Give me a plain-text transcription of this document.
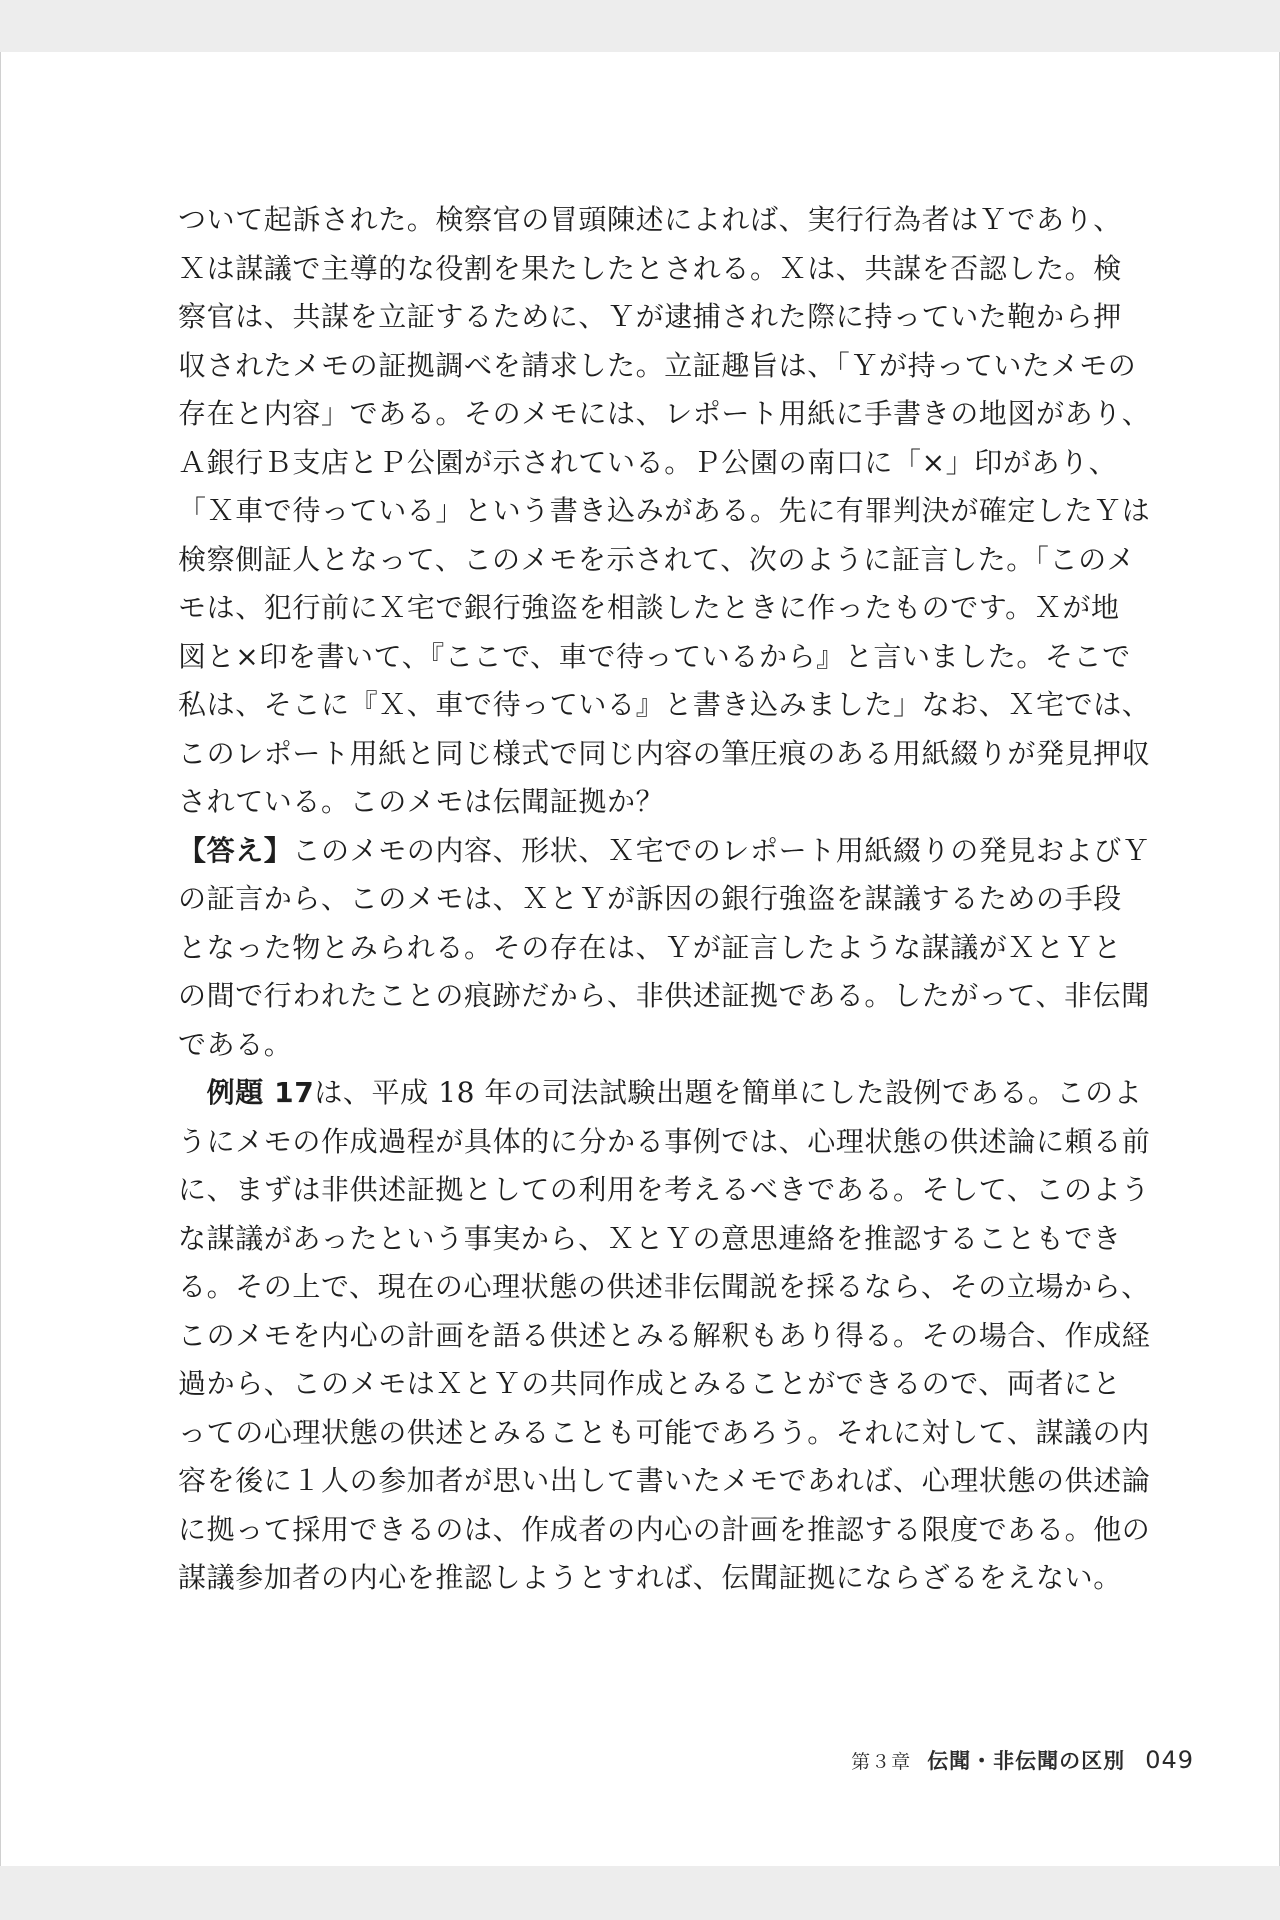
ついて起訴された。検察官の冒頭陳述によれば、実行行為者はＹであり、
Ｘは謀議で主導的な役割を果たしたとされる。Ｘは、共謀を否認した。検
察官は、共謀を立証するために、Ｙが逮捕された際に持っていた鞄から押
収されたメモの証拠調べを請求した。立証趣旨は、「Ｙが持っていたメモの
存在と内容」である。そのメモには、レポート用紙に手書きの地図があり、
Ａ銀行Ｂ支店とＰ公園が示されている。Ｐ公園の南口に「×」印があり、
「Ｘ車で待っている」という書き込みがある。先に有罪判決が確定したＹは
検察側証人となって、このメモを示されて、次のように証言した。「このメ
モは、犯行前にＸ宅で銀行強盗を相談したときに作ったものです。Ｘが地
図と×印を書いて、『ここで、車で待っているから』と言いました。そこで
私は、そこに『Ｘ、車で待っている』と書き込みました」なお、Ｘ宅では、
このレポート用紙と同じ様式で同じ内容の筆圧痕のある用紙綴りが発見押収
されている。このメモは伝聞証拠か？
【答え】このメモの内容、形状、Ｘ宅でのレポート用紙綴りの発見およびＹ
の証言から、このメモは、ＸとＹが訴因の銀行強盗を謀議するための手段
となった物とみられる。その存在は、Ｙが証言したような謀議がＸとＹと
の間で行われたことの痕跡だから、非供述証拠である。したがって、非伝聞
である。
　例題 17は、平成 18 年の司法試験出題を簡単にした設例である。このよ
うにメモの作成過程が具体的に分かる事例では、心理状態の供述論に頼る前
に、まずは非供述証拠としての利用を考えるべきである。そして、このよう
な謀議があったという事実から、ＸとＹの意思連絡を推認することもでき
る。その上で、現在の心理状態の供述非伝聞説を採るなら、その立場から、
このメモを内心の計画を語る供述とみる解釈もあり得る。その場合、作成経
過から、このメモはＸとＹの共同作成とみることができるので、両者にと
っての心理状態の供述とみることも可能であろう。それに対して、謀議の内
容を後に１人の参加者が思い出して書いたメモであれば、心理状態の供述論
に拠って採用できるのは、作成者の内心の計画を推認する限度である。他の
謀議参加者の内心を推認しようとすれば、伝聞証拠にならざるをえない。
第３章 伝聞・非伝聞の区別 049
